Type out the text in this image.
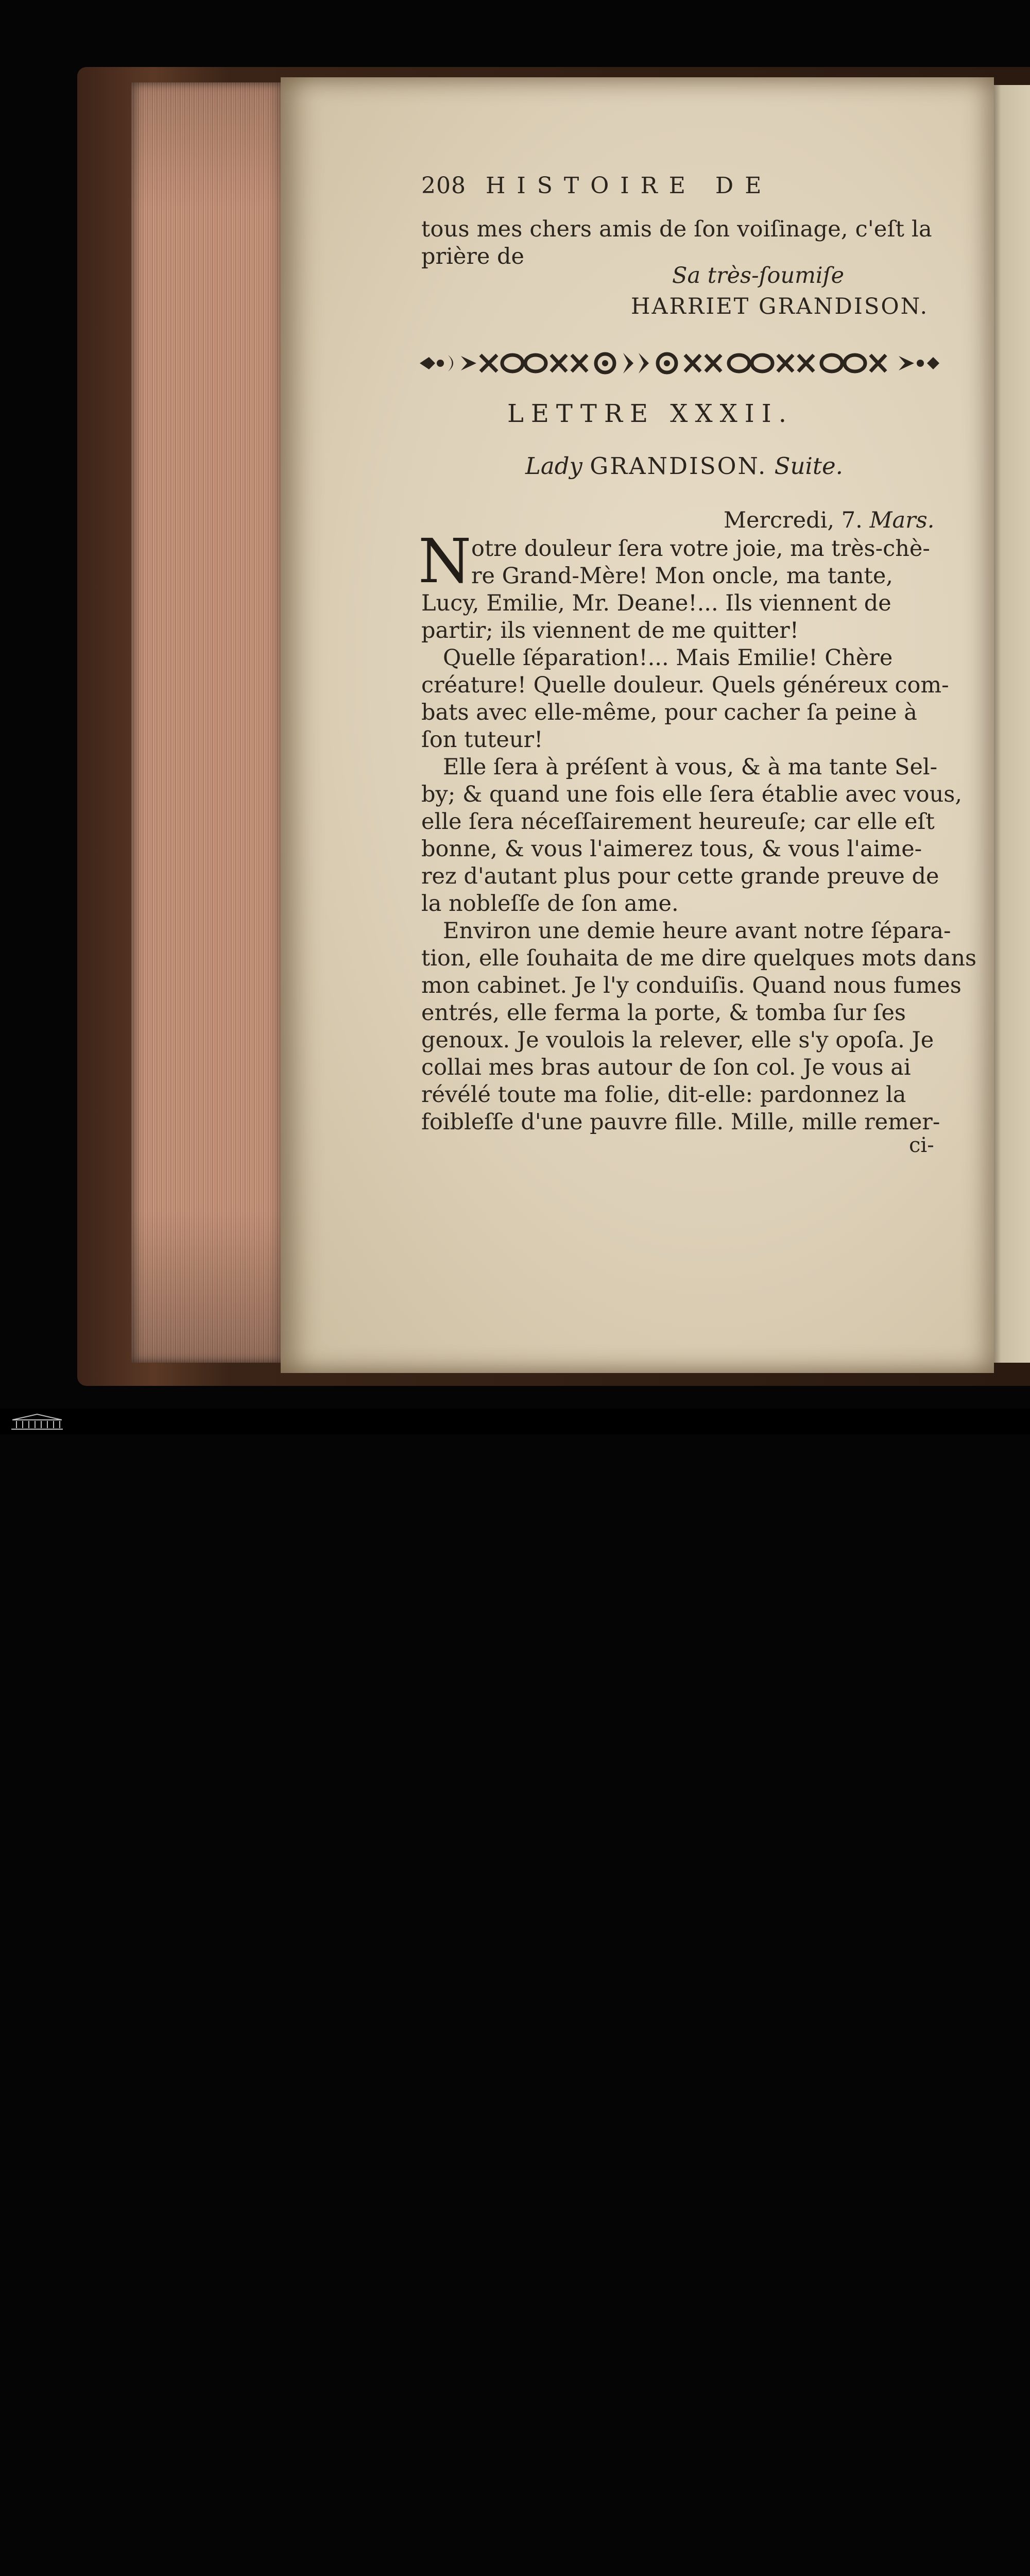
208 HISTOIRE DE
tous mes chers amis de ſon voiſinage, c'eſt la
prière de
Sa très-ſoumiſe
HARRIET GRANDISON.
LETTRE XXXII.
Lady GRANDISON. Suite.
Mercredi, 7. Mars.
N otre douleur ſera votre joie, ma très-chè-
re Grand-Mère! Mon oncle, ma tante,
Lucy, Emilie, Mr. Deane!... Ils viennent de
partir; ils viennent de me quitter!
Quelle ſéparation!... Mais Emilie! Chère
créature! Quelle douleur. Quels généreux com-
bats avec elle-même, pour cacher ſa peine à
ſon tuteur!
Elle ſera à préſent à vous, & à ma tante Sel-
by; & quand une fois elle ſera établie avec vous,
elle ſera néceſſairement heureuſe; car elle eſt
bonne, & vous l'aimerez tous, & vous l'aime-
rez d'autant plus pour cette grande preuve de
la nobleſſe de ſon ame.
Environ une demie heure avant notre ſépara-
tion, elle ſouhaita de me dire quelques mots dans
mon cabinet. Je l'y conduiſis. Quand nous fumes
entrés, elle ferma la porte, & tomba ſur ſes
genoux. Je voulois la relever, elle s'y opoſa. Je
collai mes bras autour de ſon col. Je vous ai
révélé toute ma folie, dit-elle: pardonnez la
foibleſſe d'une pauvre fille. Mille, mille remer-
ci-
